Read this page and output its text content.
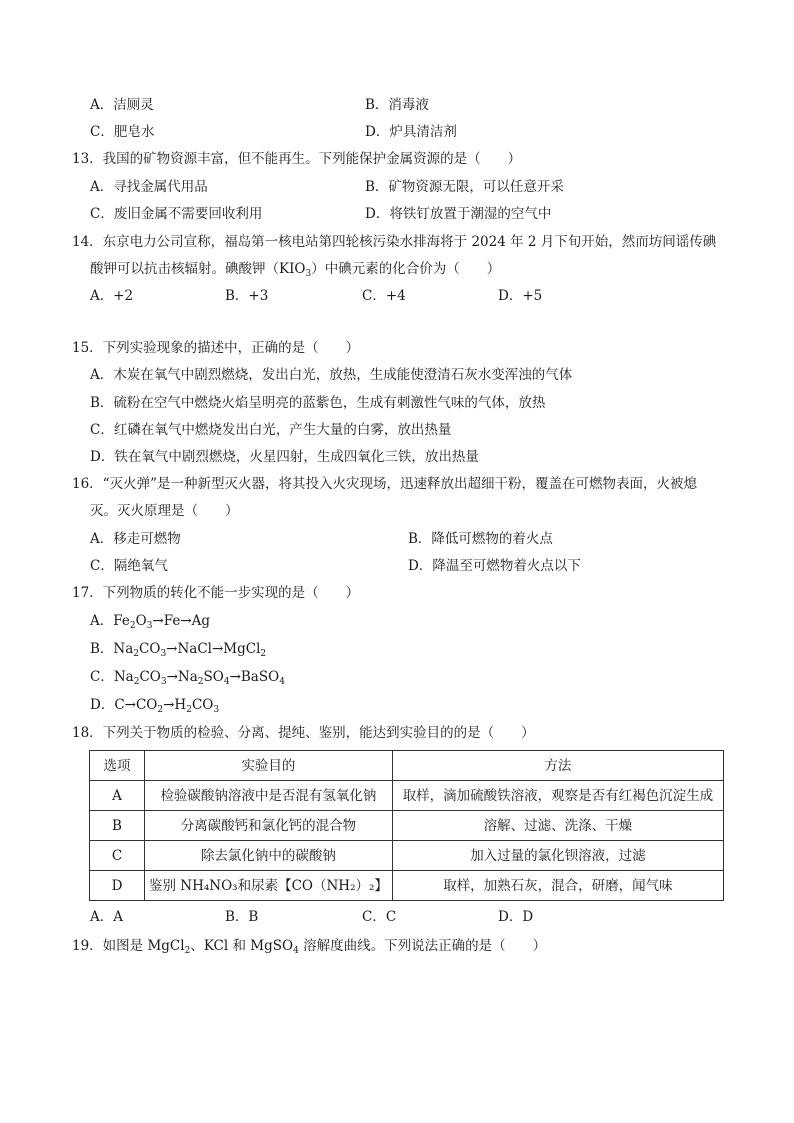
A．洁厕灵	B．消毒液
C．肥皂水	D．炉具清洁剂
13．我国的矿物资源丰富，但不能再生。下列能保护金属资源的是（　　）
A．寻找金属代用品	B．矿物资源无限，可以任意开采
C．废旧金属不需要回收利用	D．将铁钉放置于潮湿的空气中
14．东京电力公司宣称，福岛第一核电站第四轮核污染水排海将于 2024 年 2 月下旬开始，然而坊间谣传碘
酸钾可以抗击核辐射。碘酸钾$(KIO_3)$中碘元素的化合价为（　　）
A．+2	B．+3	C．+4	D．+5
15．下列实验现象的描述中，正确的是（　　）
A．木炭在氧气中剧烈燃烧，发出白光，放热，生成能使澄清石灰水变浑浊的气体
B．硫粉在空气中燃烧火焰呈明亮的蓝紫色，生成有刺激性气味的气体，放热
C．红磷在氧气中燃烧发出白光，产生大量的白雾，放出热量
D．铁在氧气中剧烈燃烧，火星四射，生成四氧化三铁，放出热量
16．“灭火弹”是一种新型灭火器，将其投入火灾现场，迅速释放出超细干粉，覆盖在可燃物表面，火被熄
灭。灭火原理是（　　）
A．移走可燃物	B．降低可燃物的着火点
C．隔绝氧气	D．降温至可燃物着火点以下
17．下列物质的转化不能一步实现的是（　　）
A．$Fe_2O_3\to Fe\to Ag$
B．$Na_2CO_3\to NaCl\to MgCl_2$
C．$Na_2CO_3\to Na_2SO_4\to BaSO_4$
D．$C\to CO_2\to H_2CO_3$
18．下列关于物质的检验、分离、提纯、鉴别，能达到实验目的的是（　　）
选项	实验目的	方法
A	检验碳酸钠溶液中是否混有氢氧化钠	取样，滴加硫酸铁溶液，观察是否有红褐色沉淀生成
B	分离碳酸钙和氯化钙的混合物	溶解、过滤、洗涤、干燥
C	除去氯化钠中的碳酸钠	加入过量的氯化钡溶液，过滤
D	鉴别 NH₄NO₃和尿素【CO（NH₂）₂】	取样，加熟石灰，混合，研磨，闻气味
A．A	B．B	C．C	D．D
19．如图是 MgCl$_2$、KCl 和 MgSO$_4$ 溶解度曲线。下列说法正确的是（　　）
